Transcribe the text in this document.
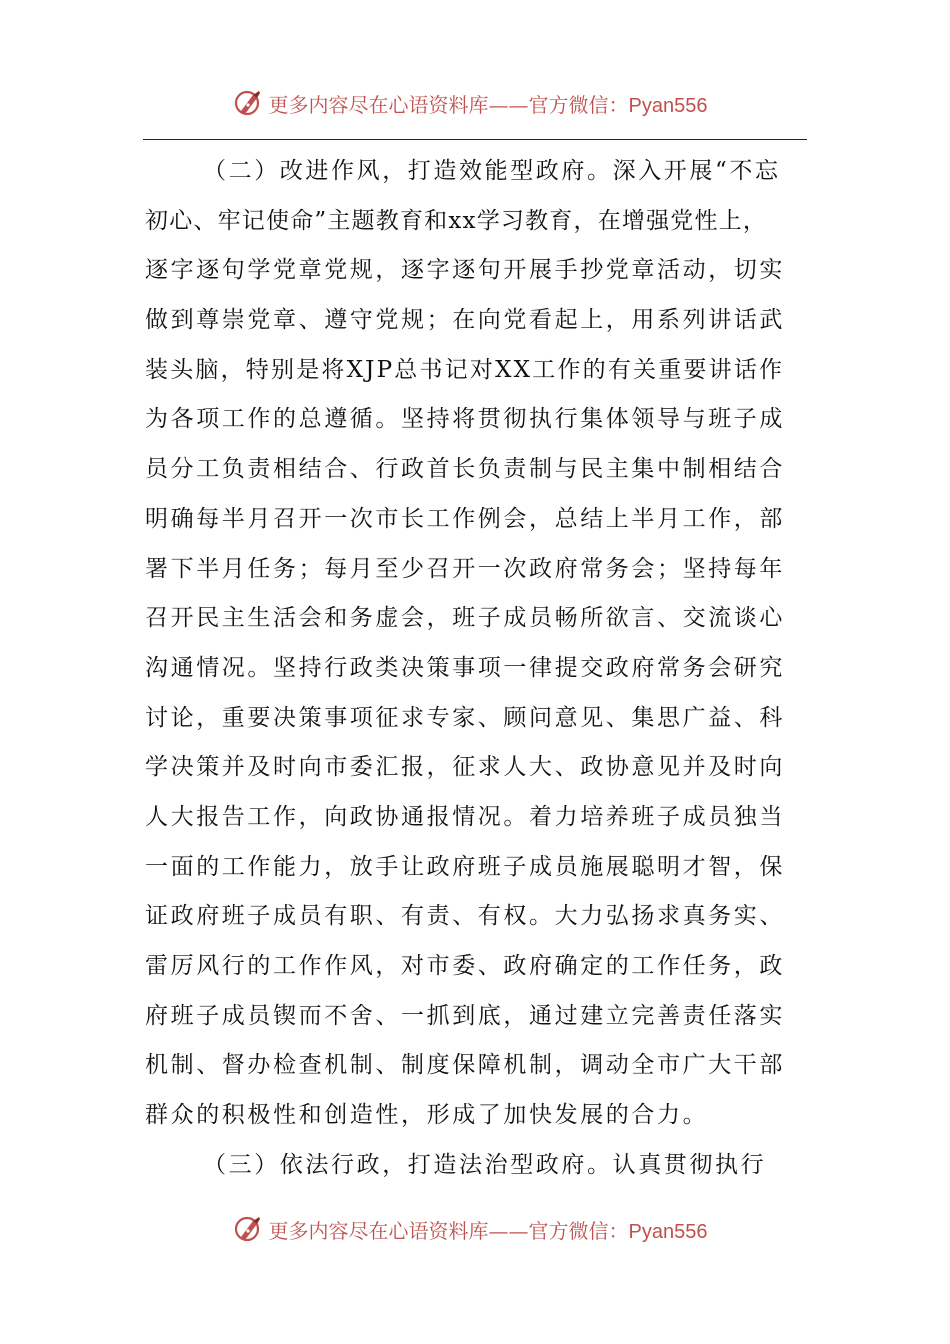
更多内容尽在心语资料库——官方微信：Pyan556
（二）改进作风，打造效能型政府。深入开展“不忘
初心、牢记使命”主题教育和xx学习教育，在增强党性上，
逐字逐句学党章党规，逐字逐句开展手抄党章活动，切实
做到尊崇党章、遵守党规；在向党看起上，用系列讲话武
装头脑，特别是将XJP总书记对XX工作的有关重要讲话作
为各项工作的总遵循。坚持将贯彻执行集体领导与班子成
员分工负责相结合、行政首长负责制与民主集中制相结合
明确每半月召开一次市长工作例会，总结上半月工作，部
署下半月任务；每月至少召开一次政府常务会；坚持每年
召开民主生活会和务虚会，班子成员畅所欲言、交流谈心
沟通情况。坚持行政类决策事项一律提交政府常务会研究
讨论，重要决策事项征求专家、顾问意见、集思广益、科
学决策并及时向市委汇报，征求人大、政协意见并及时向
人大报告工作，向政协通报情况。着力培养班子成员独当
一面的工作能力，放手让政府班子成员施展聪明才智，保
证政府班子成员有职、有责、有权。大力弘扬求真务实、
雷厉风行的工作作风，对市委、政府确定的工作任务，政
府班子成员锲而不舍、一抓到底，通过建立完善责任落实
机制、督办检查机制、制度保障机制，调动全市广大干部
群众的积极性和创造性，形成了加快发展的合力。
（三）依法行政，打造法治型政府。认真贯彻执行
更多内容尽在心语资料库——官方微信：Pyan556
